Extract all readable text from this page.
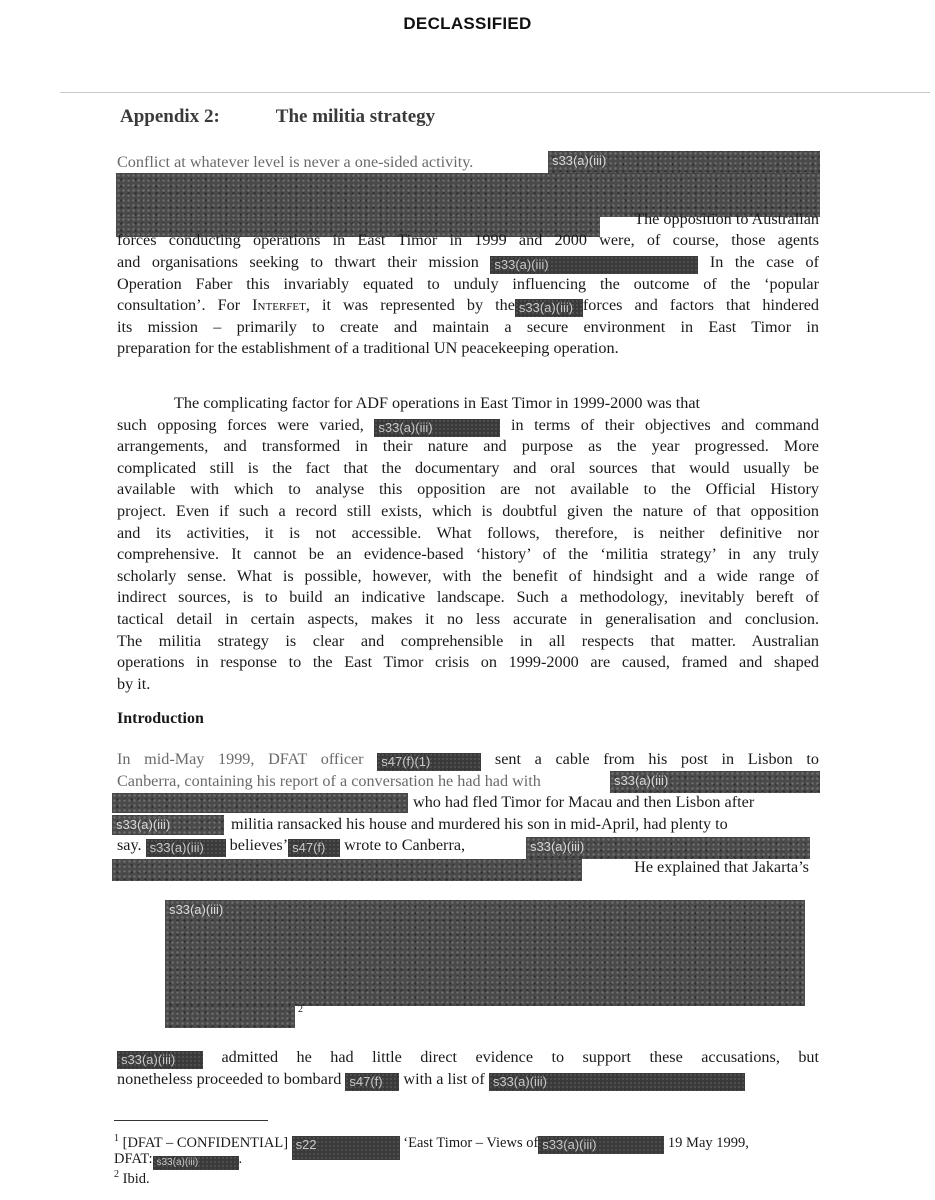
DECLASSIFIED
Appendix 2:	The militia strategy
s33(a)(iii)
Conflict at whatever level is never a one-sided activity.
The opposition to Australian
forces conducting operations in East Timor in 1999 and 2000 were, of course, those agents
and organisations seeking to thwart their mission s33(a)(iii)	In the case of
Operation Faber this invariably equated to unduly influencing the outcome of the ‘popular
consultation’. For Interfet, it was represented by the s33(a)(iii) forces and factors that hindered
its mission – primarily to create and maintain a secure environment in East Timor in
preparation for the establishment of a traditional UN peacekeeping operation.
The complicating factor for ADF operations in East Timor in 1999-2000 was that
such opposing forces were varied, s33(a)(iii)	in terms of their objectives and command
arrangements, and transformed in their nature and purpose as the year progressed. More
complicated still is the fact that the documentary and oral sources that would usually be
available with which to analyse this opposition are not available to the Official History
project. Even if such a record still exists, which is doubtful given the nature of that opposition
and its activities, it is not accessible. What follows, therefore, is neither definitive nor
comprehensive. It cannot be an evidence-based ‘history’ of the ‘militia strategy’ in any truly
scholarly sense. What is possible, however, with the benefit of hindsight and a wide range of
indirect sources, is to build an indicative landscape. Such a methodology, inevitably bereft of
tactical detail in certain aspects, makes it no less accurate in generalisation and conclusion.
The militia strategy is clear and comprehensible in all respects that matter. Australian
operations in response to the East Timor crisis on 1999-2000 are caused, framed and shaped
by it.
Introduction
s33(a)(iii)
s33(a)(iii)
s33(a)(iii)
s33(a)(iii)
2
In mid-May 1999, DFAT officer s47(f)(1)	sent a cable from his post in Lisbon to
Canberra, containing his report of a conversation he had had with
who had fled Timor for Macau and then Lisbon after
militia ransacked his house and murdered his son in mid-April, had plenty to
say. s33(a)(iii) believes’ s47(f) wrote to Canberra,
He explained that Jakarta’s
s33(a)(iii)	admitted he had little direct evidence to support these accusations, but
nonetheless proceeded to bombard s47(f) with a list of s33(a)(iii)
$^1$ [DFAT – CONFIDENTIAL] s22	‘East Timor – Views of s33(a)(iii)	19 May 1999,
DFAT: s33(a)(iii)	.
$^2$ Ibid.
